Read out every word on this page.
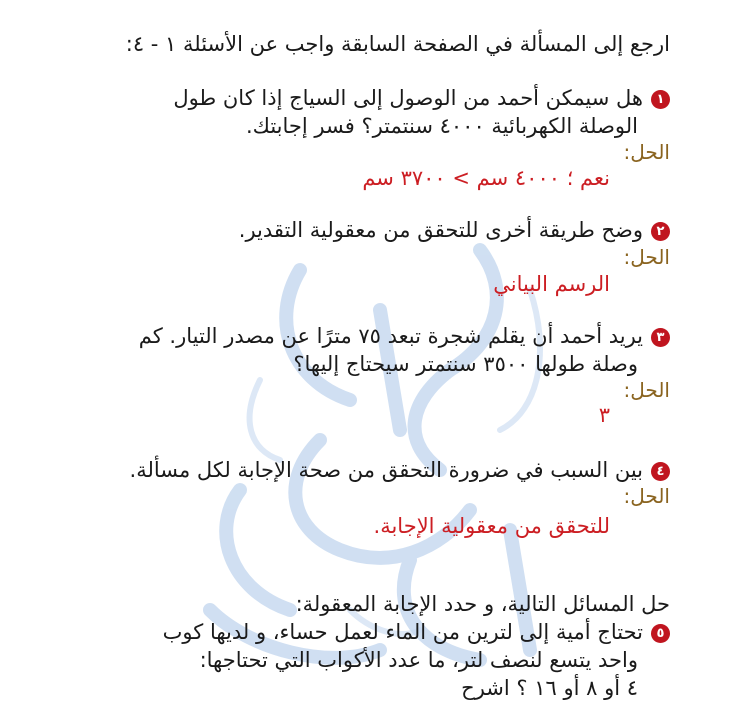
ارجع إلى المسألة في الصفحة السابقة واجب عن الأسئلة ١ - ٤:
١هل سيمكن أحمد من الوصول إلى السياج إذا كان طول
الوصلة الكهربائية ٤٠٠٠ سنتمتر؟ فسر إجابتك.
الحل:
نعم ؛ ٤٠٠٠ سم > ٣٧٠٠ سم
٢وضح طريقة أخرى للتحقق من معقولية التقدير.
الحل:
الرسم البياني
٣يريد أحمد أن يقلم شجرة تبعد ٧٥ مترًا عن مصدر التيار. كم
وصلة طولها ٣٥٠٠ سنتمتر سيحتاج إليها؟
الحل:
٣
٤بين السبب في ضرورة التحقق من صحة الإجابة لكل مسألة.
الحل:
للتحقق من معقولية الإجابة.
حل المسائل التالية، و حدد الإجابة المعقولة:
٥تحتاج أمية إلى لترين من الماء لعمل حساء، و لديها كوب
واحد يتسع لنصف لتر، ما عدد الأكواب التي تحتاجها:
٤ أو ٨ أو ١٦ ؟ اشرح
